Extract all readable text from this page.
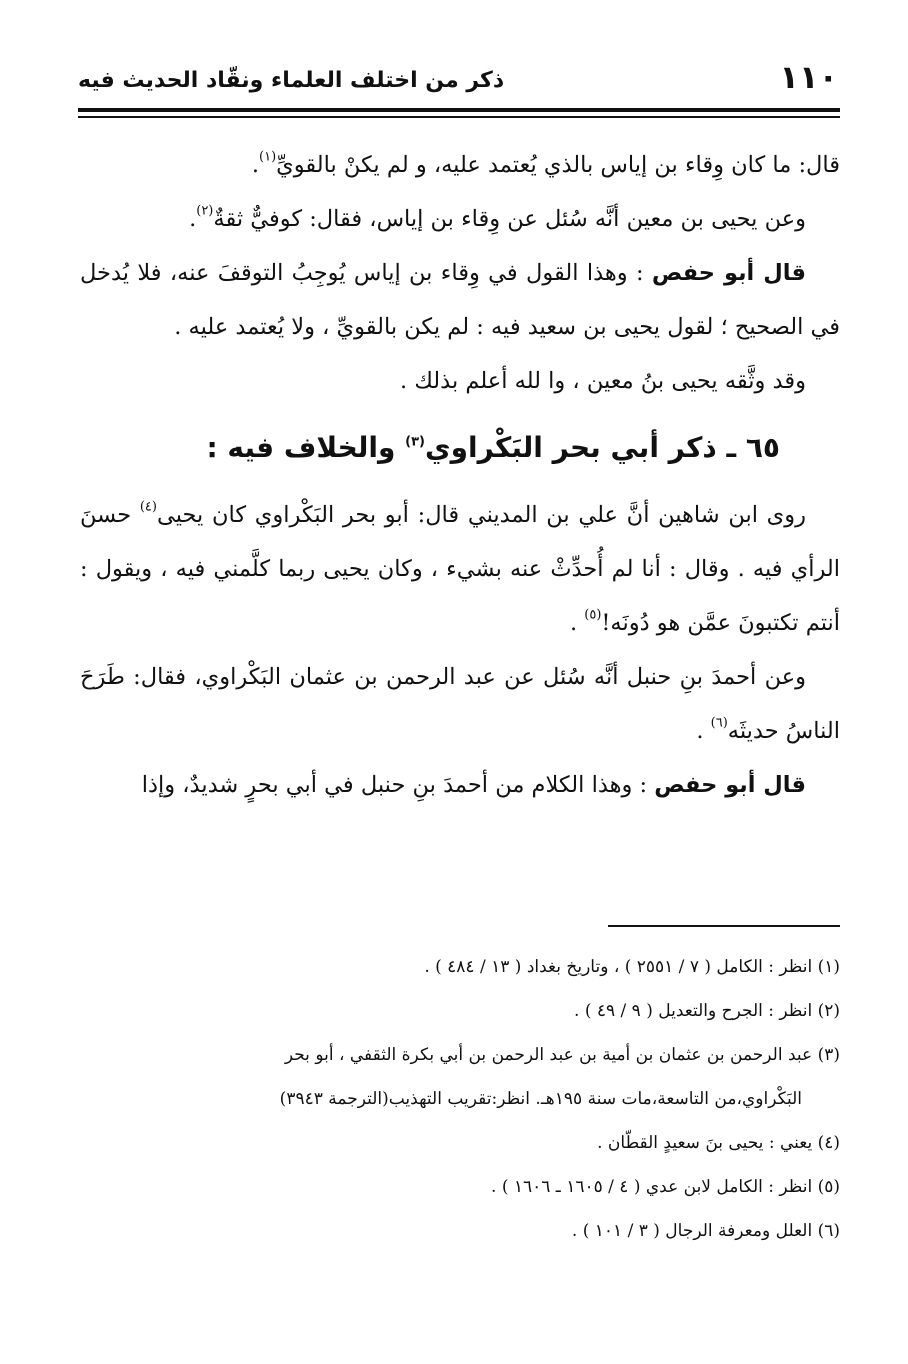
١١٠
ذكر من اختلف العلماء ونقّاد الحديث فيه

قال: ما كان وِقاء بن إياس بالذي يُعتمد عليه، و لم يكنْ بالقويِّ$^{(١)}$.

وعن يحيى بن معين أنَّه سُئل عن وِقاء بن إياس، فقال: كوفيٌّ ثقةٌ$^{(٢)}$.

قال أبو حفص : وهذا القول في وِقاء بن إياس يُوجِبُ التوقفَ عنه، فلا يُدخل في الصحيح ؛ لقول يحيى بن سعيد فيه : لم يكن بالقويِّ ، ولا يُعتمد عليه .

وقد وثَّقه يحيى بنُ معين ، وا لله أعلم بذلك .

٦٥ ـ ذكر أبي بحر البَكْراوي$^{(٣)}$ والخلاف فيه :

روى ابن شاهين أنَّ علي بن المديني قال: أبو بحر البَكْراوي كان يحيى$^{(٤)}$ حسنَ الرأي فيه . وقال : أنا لم أُحدِّثْ عنه بشيء ، وكان يحيى ربما كلَّمني فيه ، ويقول : أنتم تكتبونَ عمَّن هو دُونَه!$^{(٥)}$ .

وعن أحمدَ بنِ حنبل أنَّه سُئل عن عبد الرحمن بن عثمان البَكْراوي، فقال: طَرَحَ الناسُ حديثَه$^{(٦)}$ .

قال أبو حفص : وهذا الكلام من أحمدَ بنِ حنبل في أبي بحرٍ شديدٌ، وإذا

(١) انظر : الكامل ( ٧ / ٢٥٥١ ) ، وتاريخ بغداد ( ١٣ / ٤٨٤ ) .

(٢) انظر : الجرح والتعديل ( ٩ / ٤٩ ) .

(٣) عبد الرحمن بن عثمان بن أمية بن عبد الرحمن بن أبي بكرة الثقفي ، أبو بحر

البَكْراوي،من التاسعة،مات سنة ١٩٥هـ. انظر:تقريب التهذيب(الترجمة ٣٩٤٣)

(٤) يعني : يحيى بنَ سعيدٍ القطّان .

(٥) انظر : الكامل لابن عدي ( ٤ / ١٦٠٥ ـ ١٦٠٦ ) .

(٦) العلل ومعرفة الرجال ( ٣ / ١٠١ ) .
